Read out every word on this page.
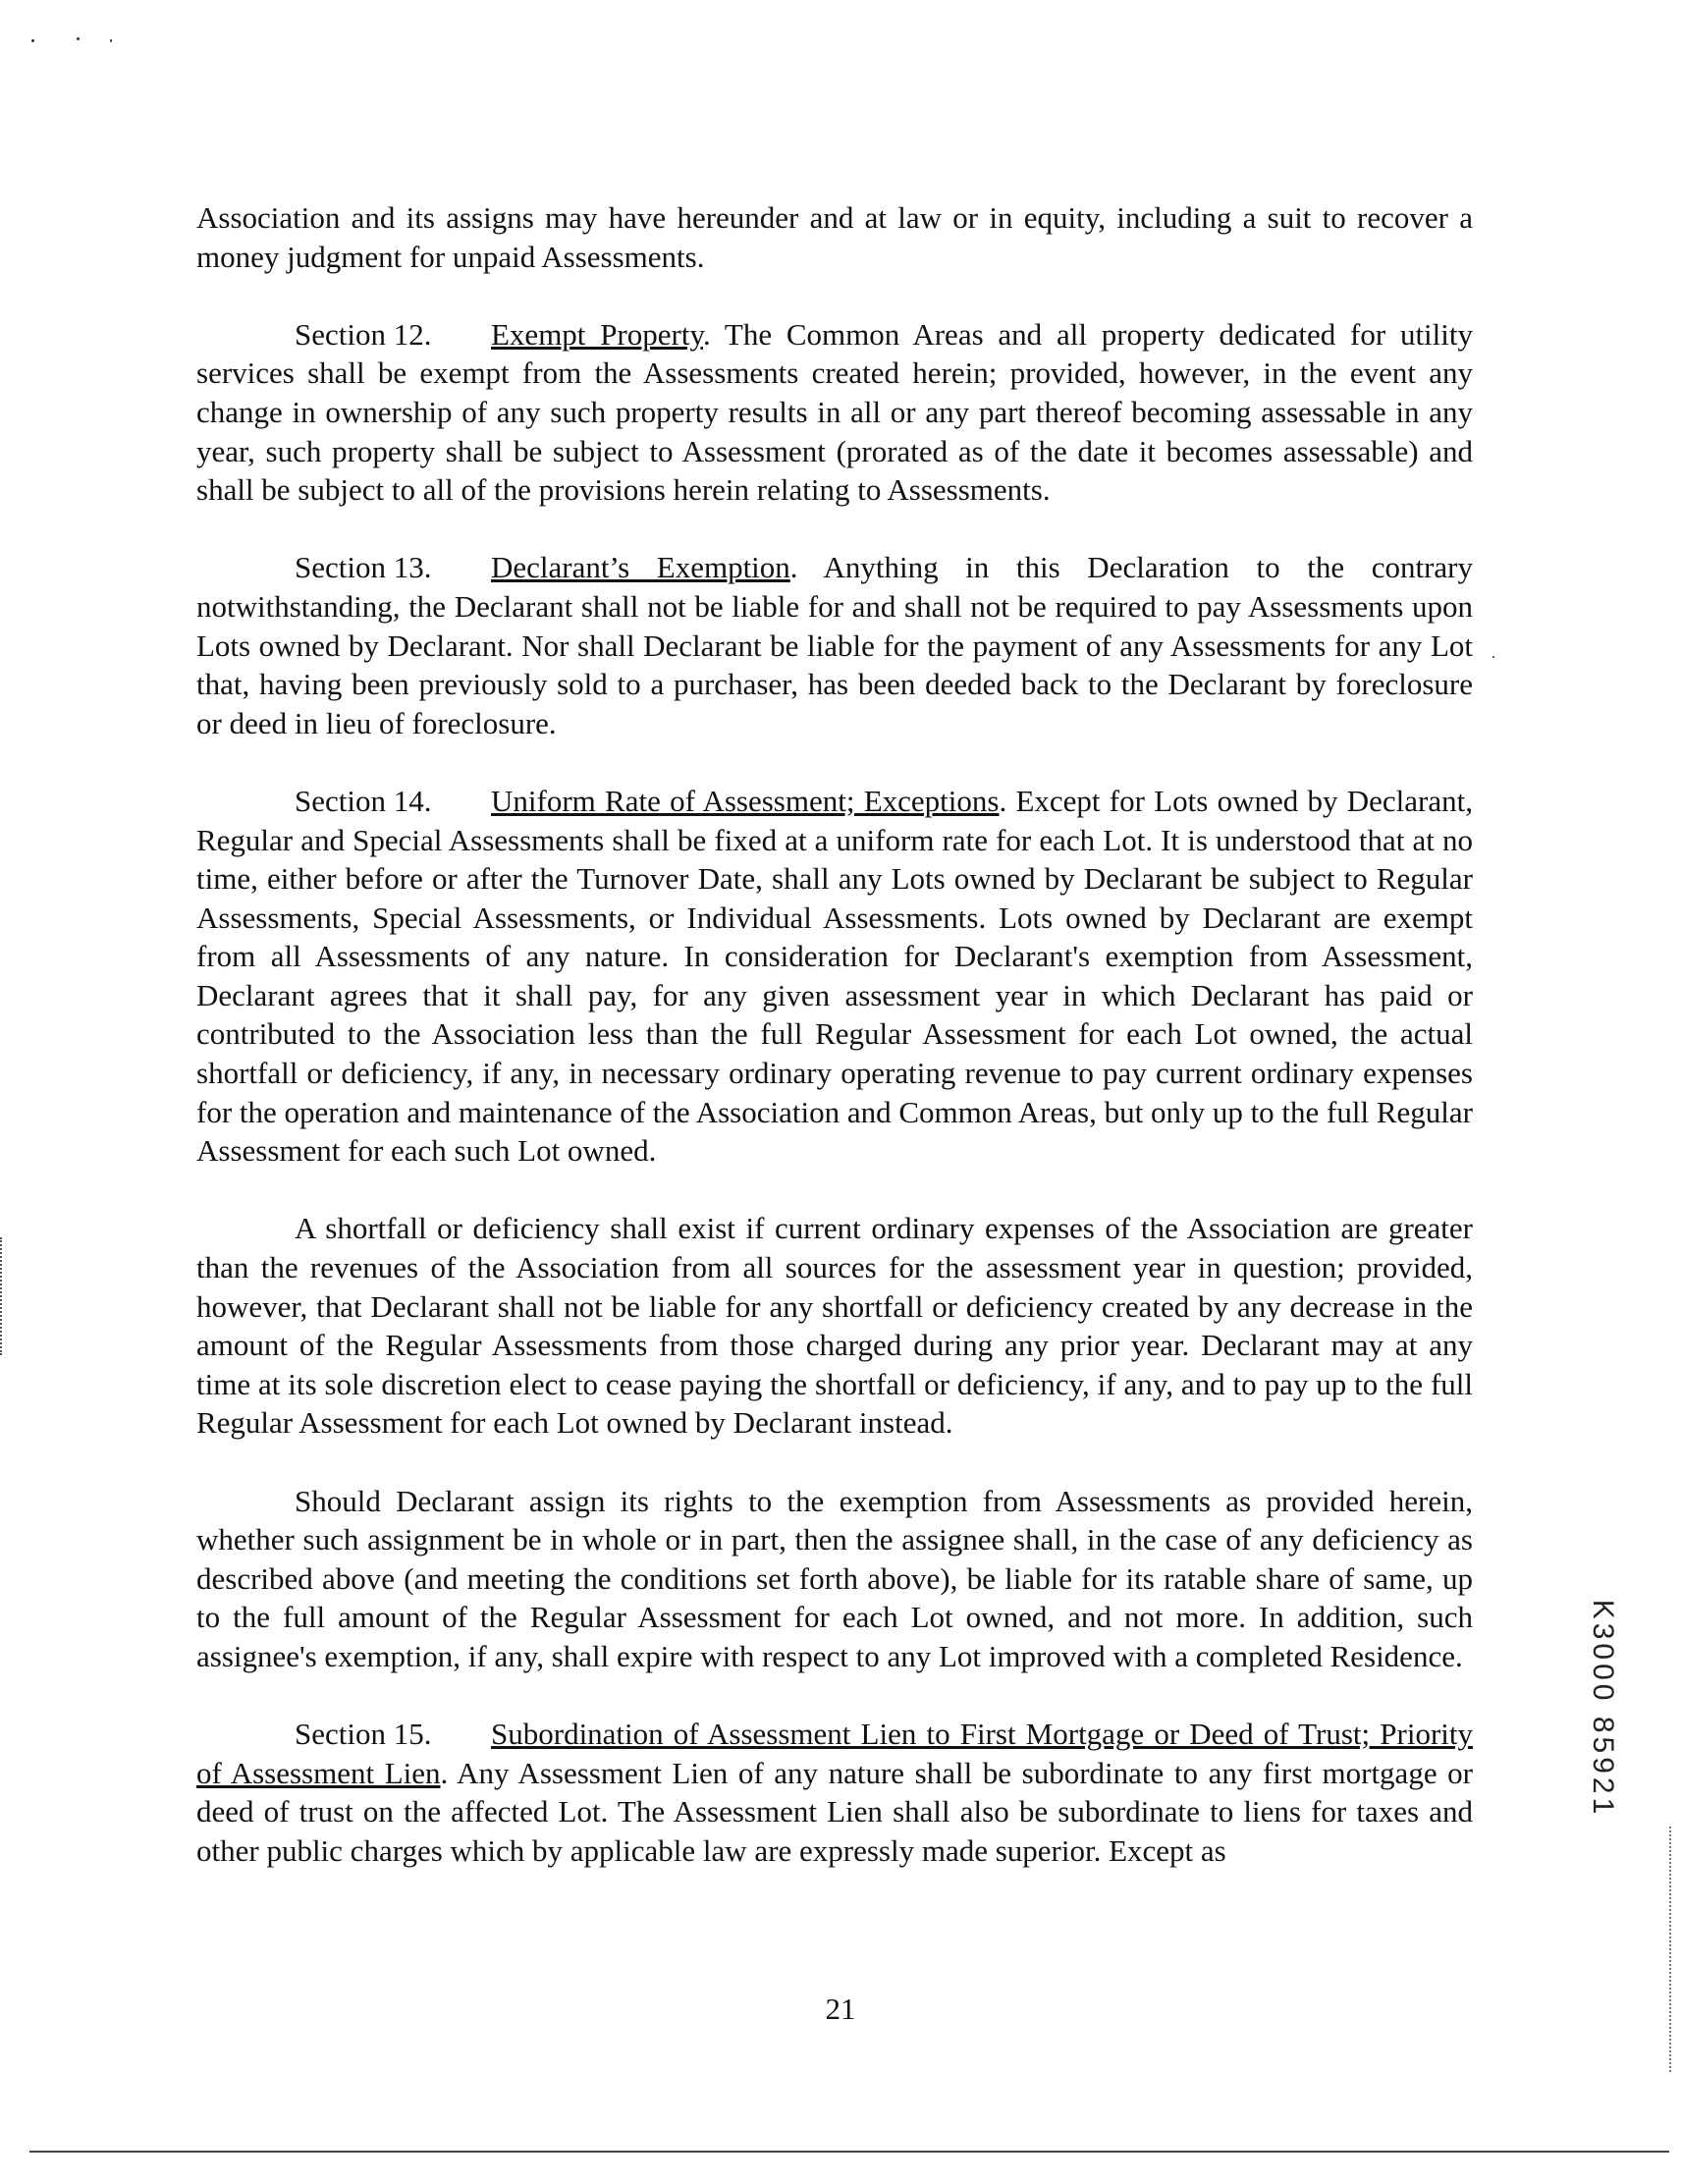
Association and its assigns may have hereunder and at law or in equity, including a suit to recover a money judgment for unpaid Assessments.

Section 12. Exempt Property. The Common Areas and all property dedicated for utility services shall be exempt from the Assessments created herein; provided, however, in the event any change in ownership of any such property results in all or any part thereof becoming assessable in any year, such property shall be subject to Assessment (prorated as of the date it becomes assessable) and shall be subject to all of the provisions herein relating to Assessments.

Section 13. Declarant’s Exemption. Anything in this Declaration to the contrary notwithstanding, the Declarant shall not be liable for and shall not be required to pay Assessments upon Lots owned by Declarant. Nor shall Declarant be liable for the payment of any Assessments for any Lot that, having been previously sold to a purchaser, has been deeded back to the Declarant by foreclosure or deed in lieu of foreclosure.

Section 14. Uniform Rate of Assessment; Exceptions. Except for Lots owned by Declarant, Regular and Special Assessments shall be fixed at a uniform rate for each Lot. It is understood that at no time, either before or after the Turnover Date, shall any Lots owned by Declarant be subject to Regular Assessments, Special Assessments, or Individual Assessments. Lots owned by Declarant are exempt from all Assessments of any nature. In consideration for Declarant's exemption from Assessment, Declarant agrees that it shall pay, for any given assessment year in which Declarant has paid or contributed to the Association less than the full Regular Assessment for each Lot owned, the actual shortfall or deficiency, if any, in necessary ordinary operating revenue to pay current ordinary expenses for the operation and maintenance of the Association and Common Areas, but only up to the full Regular Assessment for each such Lot owned.

A shortfall or deficiency shall exist if current ordinary expenses of the Association are greater than the revenues of the Association from all sources for the assessment year in question; provided, however, that Declarant shall not be liable for any shortfall or deficiency created by any decrease in the amount of the Regular Assessments from those charged during any prior year. Declarant may at any time at its sole discretion elect to cease paying the shortfall or deficiency, if any, and to pay up to the full Regular Assessment for each Lot owned by Declarant instead.

Should Declarant assign its rights to the exemption from Assessments as provided herein, whether such assignment be in whole or in part, then the assignee shall, in the case of any deficiency as described above (and meeting the conditions set forth above), be liable for its ratable share of same, up to the full amount of the Regular Assessment for each Lot owned, and not more. In addition, such assignee's exemption, if any, shall expire with respect to any Lot improved with a completed Residence.

Section 15. Subordination of Assessment Lien to First Mortgage or Deed of Trust; Priority of Assessment Lien. Any Assessment Lien of any nature shall be subordinate to any first mortgage or deed of trust on the affected Lot. The Assessment Lien shall also be subordinate to liens for taxes and other public charges which by applicable law are expressly made superior. Except as

21
K3000 85921
